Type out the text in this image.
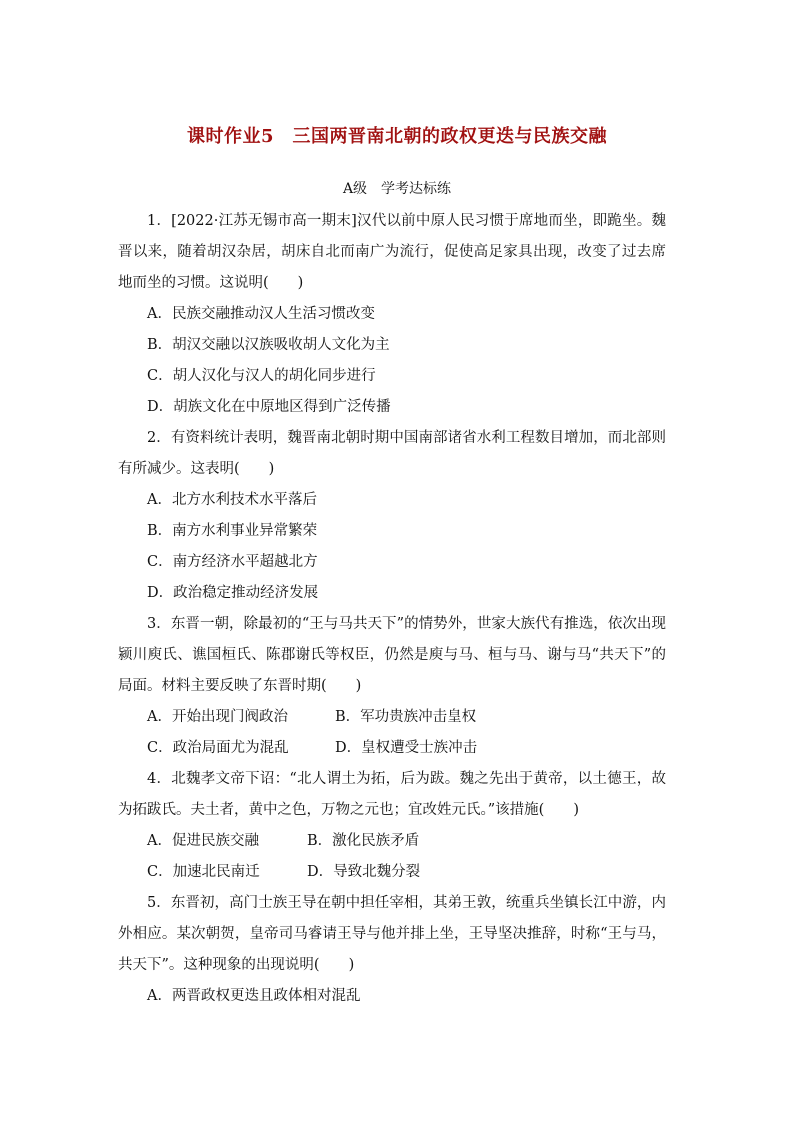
课时作业5　三国两晋南北朝的政权更迭与民族交融
A级　学考达标练

1．[2022·江苏无锡市高一期末]汉代以前中原人民习惯于席地而坐，即跪坐。魏晋以来，随着胡汉杂居，胡床自北而南广为流行，促使高足家具出现，改变了过去席地而坐的习惯。这说明(　　)

A．民族交融推动汉人生活习惯改变

B．胡汉交融以汉族吸收胡人文化为主

C．胡人汉化与汉人的胡化同步进行

D．胡族文化在中原地区得到广泛传播

2．有资料统计表明，魏晋南北朝时期中国南部诸省水利工程数目增加，而北部则有所减少。这表明(　　)

A．北方水利技术水平落后

B．南方水利事业异常繁荣

C．南方经济水平超越北方

D．政治稳定推动经济发展

3．东晋一朝，除最初的“王与马共天下”的情势外，世家大族代有推选，依次出现颍川庾氏、谯国桓氏、陈郡谢氏等权臣，仍然是庾与马、桓与马、谢与马“共天下”的局面。材料主要反映了东晋时期(　　)

A．开始出现门阀政治	B．军功贵族冲击皇权

C．政治局面尤为混乱	D．皇权遭受士族冲击

4．北魏孝文帝下诏：“北人谓土为拓，后为跋。魏之先出于黄帝，以土德王，故为拓跋氏。夫土者，黄中之色，万物之元也；宜改姓元氏。”该措施(　　)

A．促进民族交融	B．激化民族矛盾

C．加速北民南迁	D．导致北魏分裂

5．东晋初，高门士族王导在朝中担任宰相，其弟王敦，统重兵坐镇长江中游，内外相应。某次朝贺，皇帝司马睿请王导与他并排上坐，王导坚决推辞，时称“王与马，共天下”。这种现象的出现说明(　　)

A．两晋政权更迭且政体相对混乱
